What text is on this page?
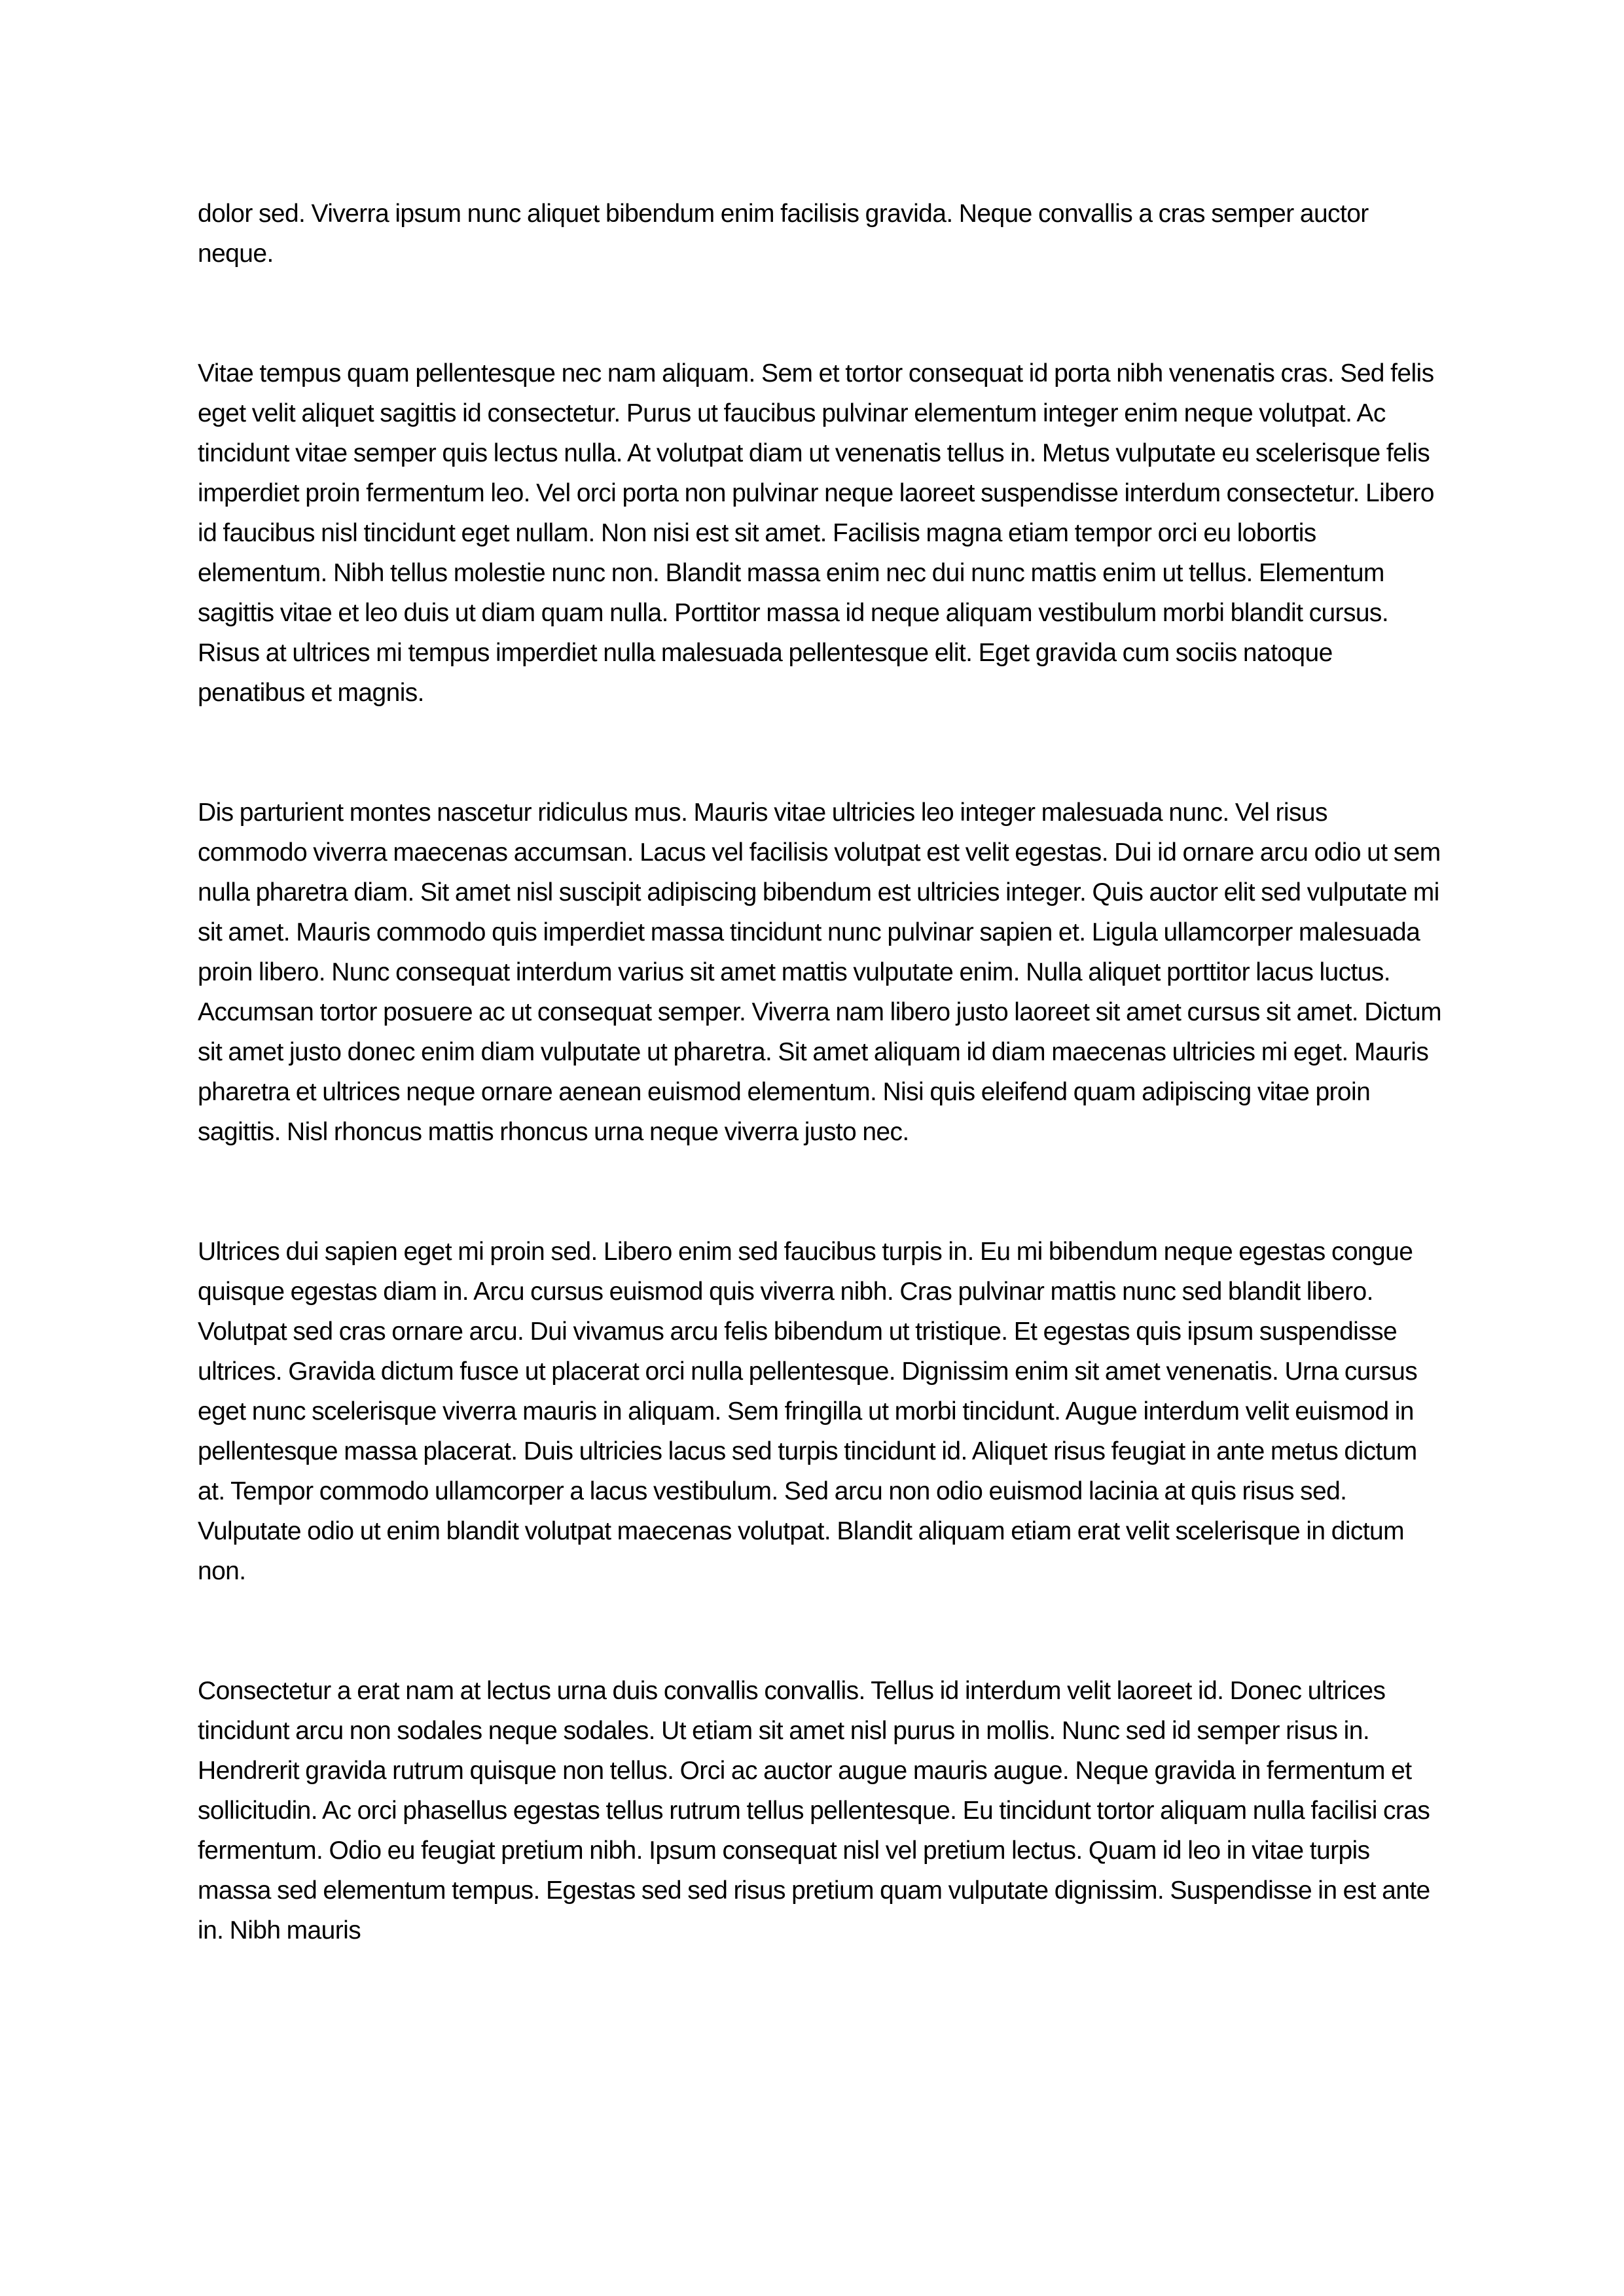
dolor sed. Viverra ipsum nunc aliquet bibendum enim facilisis gravida. Neque convallis a cras semper auctor neque.

Vitae tempus quam pellentesque nec nam aliquam. Sem et tortor consequat id porta nibh venenatis cras. Sed felis eget velit aliquet sagittis id consectetur. Purus ut faucibus pulvinar elementum integer enim neque volutpat. Ac tincidunt vitae semper quis lectus nulla. At volutpat diam ut venenatis tellus in. Metus vulputate eu scelerisque felis imperdiet proin fermentum leo. Vel orci porta non pulvinar neque laoreet suspendisse interdum consectetur. Libero id faucibus nisl tincidunt eget nullam. Non nisi est sit amet. Facilisis magna etiam tempor orci eu lobortis elementum. Nibh tellus molestie nunc non. Blandit massa enim nec dui nunc mattis enim ut tellus. Elementum sagittis vitae et leo duis ut diam quam nulla. Porttitor massa id neque aliquam vestibulum morbi blandit cursus. Risus at ultrices mi tempus imperdiet nulla malesuada pellentesque elit. Eget gravida cum sociis natoque penatibus et magnis.

Dis parturient montes nascetur ridiculus mus. Mauris vitae ultricies leo integer malesuada nunc. Vel risus commodo viverra maecenas accumsan. Lacus vel facilisis volutpat est velit egestas. Dui id ornare arcu odio ut sem nulla pharetra diam. Sit amet nisl suscipit adipiscing bibendum est ultricies integer. Quis auctor elit sed vulputate mi sit amet. Mauris commodo quis imperdiet massa tincidunt nunc pulvinar sapien et. Ligula ullamcorper malesuada proin libero. Nunc consequat interdum varius sit amet mattis vulputate enim. Nulla aliquet porttitor lacus luctus. Accumsan tortor posuere ac ut consequat semper. Viverra nam libero justo laoreet sit amet cursus sit amet. Dictum sit amet justo donec enim diam vulputate ut pharetra. Sit amet aliquam id diam maecenas ultricies mi eget. Mauris pharetra et ultrices neque ornare aenean euismod elementum. Nisi quis eleifend quam adipiscing vitae proin sagittis. Nisl rhoncus mattis rhoncus urna neque viverra justo nec.

Ultrices dui sapien eget mi proin sed. Libero enim sed faucibus turpis in. Eu mi bibendum neque egestas congue quisque egestas diam in. Arcu cursus euismod quis viverra nibh. Cras pulvinar mattis nunc sed blandit libero. Volutpat sed cras ornare arcu. Dui vivamus arcu felis bibendum ut tristique. Et egestas quis ipsum suspendisse ultrices. Gravida dictum fusce ut placerat orci nulla pellentesque. Dignissim enim sit amet venenatis. Urna cursus eget nunc scelerisque viverra mauris in aliquam. Sem fringilla ut morbi tincidunt. Augue interdum velit euismod in pellentesque massa placerat. Duis ultricies lacus sed turpis tincidunt id. Aliquet risus feugiat in ante metus dictum at. Tempor commodo ullamcorper a lacus vestibulum. Sed arcu non odio euismod lacinia at quis risus sed. Vulputate odio ut enim blandit volutpat maecenas volutpat. Blandit aliquam etiam erat velit scelerisque in dictum non.

Consectetur a erat nam at lectus urna duis convallis convallis. Tellus id interdum velit laoreet id. Donec ultrices tincidunt arcu non sodales neque sodales. Ut etiam sit amet nisl purus in mollis. Nunc sed id semper risus in. Hendrerit gravida rutrum quisque non tellus. Orci ac auctor augue mauris augue. Neque gravida in fermentum et sollicitudin. Ac orci phasellus egestas tellus rutrum tellus pellentesque. Eu tincidunt tortor aliquam nulla facilisi cras fermentum. Odio eu feugiat pretium nibh. Ipsum consequat nisl vel pretium lectus. Quam id leo in vitae turpis massa sed elementum tempus. Egestas sed sed risus pretium quam vulputate dignissim. Suspendisse in est ante in. Nibh mauris
